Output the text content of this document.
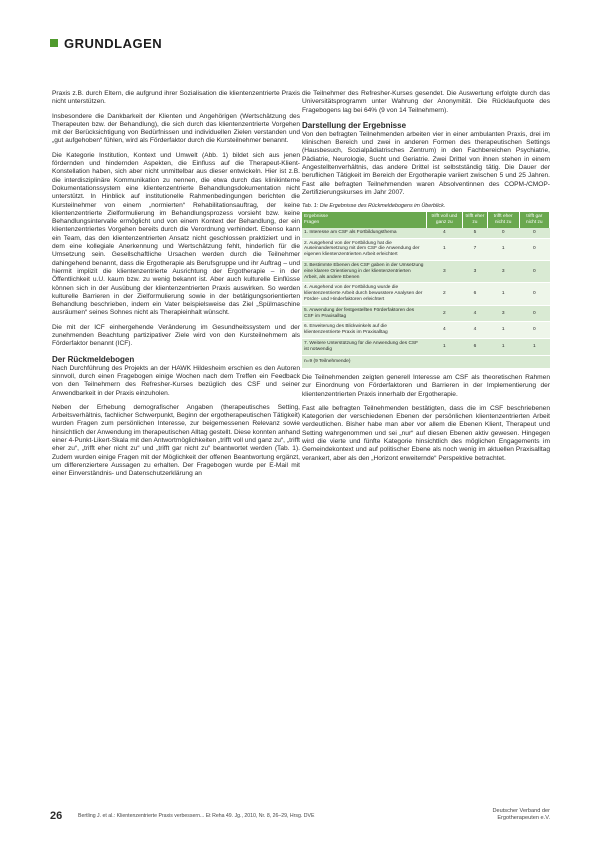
GRUNDLAGEN
Praxis z.B. durch Eltern, die aufgrund ihrer Sozialisation die klientenzentrierte Praxis nicht unterstützen.
Insbesondere die Dankbarkeit der Klienten und Angehörigen (Wertschätzung des Therapeuten bzw. der Behandlung), die sich durch das klientenzentrierte Vorgehen mit der Berücksichtigung von Bedürfnissen und individuellen Zielen verstanden und „gut aufgehoben“ fühlen, wird als Förderfaktor durch die Kursteilnehmer benannt.
Die Kategorie Institution, Kontext und Umwelt (Abb. 1) bildet sich aus jenen fördernden und hindernden Aspekten, die Einfluss auf die Therapeut-Klient-Konstellation haben, sich aber nicht unmittelbar aus dieser entwickeln. Hier ist z.B. die interdisziplinäre Kommunikation zu nennen, die etwa durch das klinikinterne Dokumentationssystem eine klientenzentrierte Behandlungsdokumentation nicht unterstützt. In Hinblick auf institutionelle Rahmenbedingungen berichten die Kursteilnehmer von einem „normierten“ Rehabilitationsauftrag, der keine klientenzentrierte Zielformulierung im Behandlungsprozess vorsieht bzw. keine Behandlungsintervalle ermöglicht und von einem Kontext der Behandlung, der ein klientenzentriertes Vorgehen bereits durch die Verordnung verhindert. Ebenso kann ein Team, das den klientenzentrierten Ansatz nicht geschlossen praktiziert und in dem eine kollegiale Anerkennung und Wertschätzung fehlt, hinderlich für die Umsetzung sein. Gesellschaftliche Ursachen werden durch die Teilnehmer dahingehend benannt, dass die Ergotherapie als Berufsgruppe und ihr Auftrag – und hiermit implizit die klientenzentrierte Ausrichtung der Ergotherapie – in der Öffentlichkeit u.U. kaum bzw. zu wenig bekannt ist. Aber auch kulturelle Einflüsse können sich in der Ausübung der klientenzentrierten Praxis auswirken. So werden kulturelle Barrieren in der Zielformulierung sowie in der betätigungsorientierten Behandlung beschrieben, indem ein Vater beispielsweise das Ziel „Spülmaschine ausräumen“ seines Sohnes nicht als Therapieinhalt wünscht.
Die mit der ICF einhergehende Veränderung im Gesundheitssystem und der zunehmenden Beachtung partizipativer Ziele wird von den Kursteilnehmern als Förderfaktor benannt (ICF).
Der Rückmeldebogen
Nach Durchführung des Projekts an der HAWK Hildesheim erschien es den Autoren sinnvoll, durch einen Fragebogen einige Wochen nach dem Treffen ein Feedback von den Teilnehmern des Refresher-Kurses bezüglich des CSF und seiner Anwendbarkeit in der Praxis einzuholen.
Neben der Erhebung demografischer Angaben (therapeutisches Setting, Arbeitsverhältnis, fachlicher Schwerpunkt, Beginn der ergotherapeutischen Tätigkeit) wurden Fragen zum persönlichen Interesse, zur beigemessenen Relevanz sowie hinsichtlich der Anwendung im therapeutischen Alltag gestellt. Diese konnten anhand einer 4-Punkt-Likert-Skala mit den Antwortmöglichkeiten „trifft voll und ganz zu“, „trifft eher zu“, „trifft eher nicht zu“ und „trifft gar nicht zu“ beantwortet werden (Tab. 1). Zudem wurden einige Fragen mit der Möglichkeit der offenen Beantwortung ergänzt, um differenziertere Aussagen zu erhalten. Der Fragebogen wurde per E-Mail mit einer Einverständnis- und Datenschutzerklärung an
die Teilnehmer des Refresher-Kurses gesendet. Die Auswertung erfolgte durch das Universitätsprogramm unter Wahrung der Anonymität. Die Rücklaufquote des Fragebogens lag bei 64% (9 von 14 Teilnehmern).
Darstellung der Ergebnisse
Von den befragten Teilnehmenden arbeiten vier in einer ambulanten Praxis, drei im klinischen Bereich und zwei in anderen Formen des therapeutischen Settings (Hausbesuch, Sozialpädiatrisches Zentrum) in den Fachbereichen Psychiatrie, Pädiatrie, Neurologie, Sucht und Geriatrie. Zwei Drittel von ihnen stehen in einem Angestelltenverhältnis, das andere Drittel ist selbstständig tätig. Die Dauer der beruflichen Tätigkeit im Bereich der Ergotherapie variiert zwischen 5 und 25 Jahren. Fast alle befragten Teilnehmenden waren Absolventinnen des COPM-/CMOP-Zertifizierungskurses im Jahr 2007.
Tab. 1: Die Ergebnisse des Rückmeldebogens im Überblick.
Ergebnisse
Fragen	trifft voll und ganz zu	trifft eher zu	trifft eher nicht zu	trifft gar nicht zu
1. Interesse am CSF als Fortbildungsthema	4	5	0	0
2. Ausgehend von der Fortbildung hat die Auseinandersetzung mit dem CSF die Anwendung der eigenen klientenzentrierten Arbeit erleichtert	1	7	1	0
3. Bestimmte Ebenen des CSF gaben in der Umsetzung eine klarere Orientierung in der klientenzentrierten Arbeit, als andere Ebenen	3	3	3	0
4. Ausgehend von der Fortbildung wurde die klientenzentrierte Arbeit durch bewusstere Analysen der Förder- und Hinderfaktoren erleichtert	2	6	1	0
5. Anwendung der festgestellten Förderfaktoren des CSF im Praxisalltag	2	4	3	0
6. Erweiterung des Blickwinkels auf die klientenzentrierte Praxis im Praxisalltag	4	4	1	0
7. Weitere Unterstützung für die Anwendung des CSF ist notwendig	1	6	1	1
n=9 (9 Teilnehmende)
Die Teilnehmenden zeigten generell Interesse am CSF als theoretischen Rahmen zur Einordnung von Förderfaktoren und Barrieren in der Implementierung der klientenzentrierten Praxis innerhalb der Ergotherapie.
Fast alle befragten Teilnehmenden bestätigten, dass die im CSF beschriebenen Kategorien der verschiedenen Ebenen der persönlichen klientenzentrierten Arbeit verdeutlichen. Bisher habe man aber vor allem die Ebenen Klient, Therapeut und Setting wahrgenommen und sei „nur“ auf diesen Ebenen aktiv gewesen. Hingegen wird die vierte und fünfte Kategorie hinsichtlich des möglichen Engagements im Gemeindekontext und auf politischer Ebene als noch wenig im aktuellen Praxisalltag verankert, aber als den „Horizont erweiternde“ Perspektive betrachtet.
26	Bertling J. et al.: Klientenzentrierte Praxis verbessern... Et Reha 49. Jg., 2010, Nr. 8, 26–29, Hrsg. DVE
Deutscher Verband der
Ergotherapeuten e.V.
